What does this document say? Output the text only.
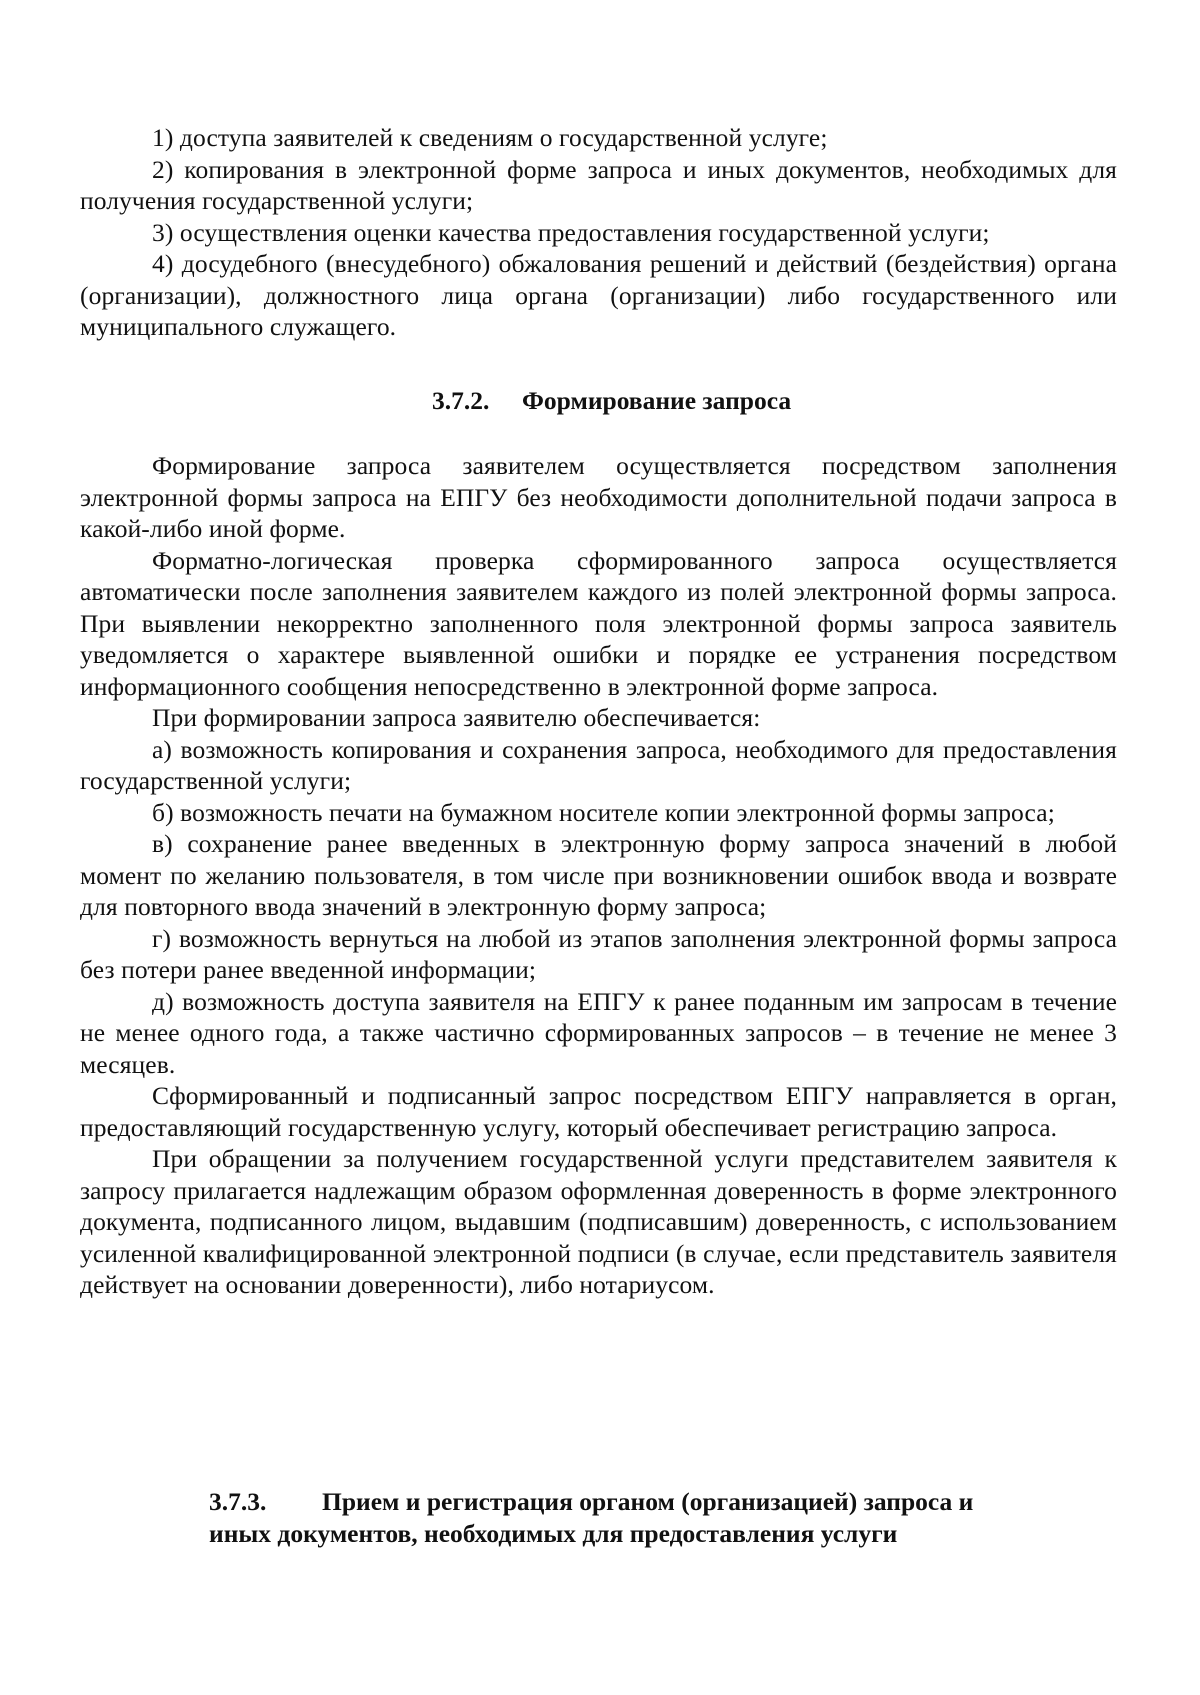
1) доступа заявителей к сведениям о государственной услуге;

2) копирования в электронной форме запроса и иных документов, необходимых для получения государственной услуги;

3) осуществления оценки качества предоставления государственной услуги;

4) досудебного (внесудебного) обжалования решений и действий (бездействия) органа (организации), должностного лица органа (организации) либо государственного или муниципального служащего.

3.7.2. Формирование запроса

Формирование запроса заявителем осуществляется посредством заполнения электронной формы запроса на ЕПГУ без необходимости дополнительной подачи запроса в какой-либо иной форме.

Форматно-логическая проверка сформированного запроса осуществляется автоматически после заполнения заявителем каждого из полей электронной формы запроса. При выявлении некорректно заполненного поля электронной формы запроса заявитель уведомляется о характере выявленной ошибки и порядке ее устранения посредством информационного сообщения непосредственно в электронной форме запроса.

При формировании запроса заявителю обеспечивается:

а) возможность копирования и сохранения запроса, необходимого для предоставления государственной услуги;

б) возможность печати на бумажном носителе копии электронной формы запроса;

в) сохранение ранее введенных в электронную форму запроса значений в любой момент по желанию пользователя, в том числе при возникновении ошибок ввода и возврате для повторного ввода значений в электронную форму запроса;

г) возможность вернуться на любой из этапов заполнения электронной формы запроса без потери ранее введенной информации;

д) возможность доступа заявителя на ЕПГУ к ранее поданным им запросам в течение не менее одного года, а также частично сформированных запросов – в течение не менее 3 месяцев.

Сформированный и подписанный запрос посредством ЕПГУ направляется в орган, предоставляющий государственную услугу, который обеспечивает регистрацию запроса.

При обращении за получением государственной услуги представителем заявителя к запросу прилагается надлежащим образом оформленная доверенность в форме электронного документа, подписанного лицом, выдавшим (подписавшим) доверенность, с использованием усиленной квалифицированной электронной подписи (в случае, если представитель заявителя действует на основании доверенности), либо нотариусом.

3.7.3. Прием и регистрация органом (организацией) запроса и
иных документов, необходимых для предоставления услуги
